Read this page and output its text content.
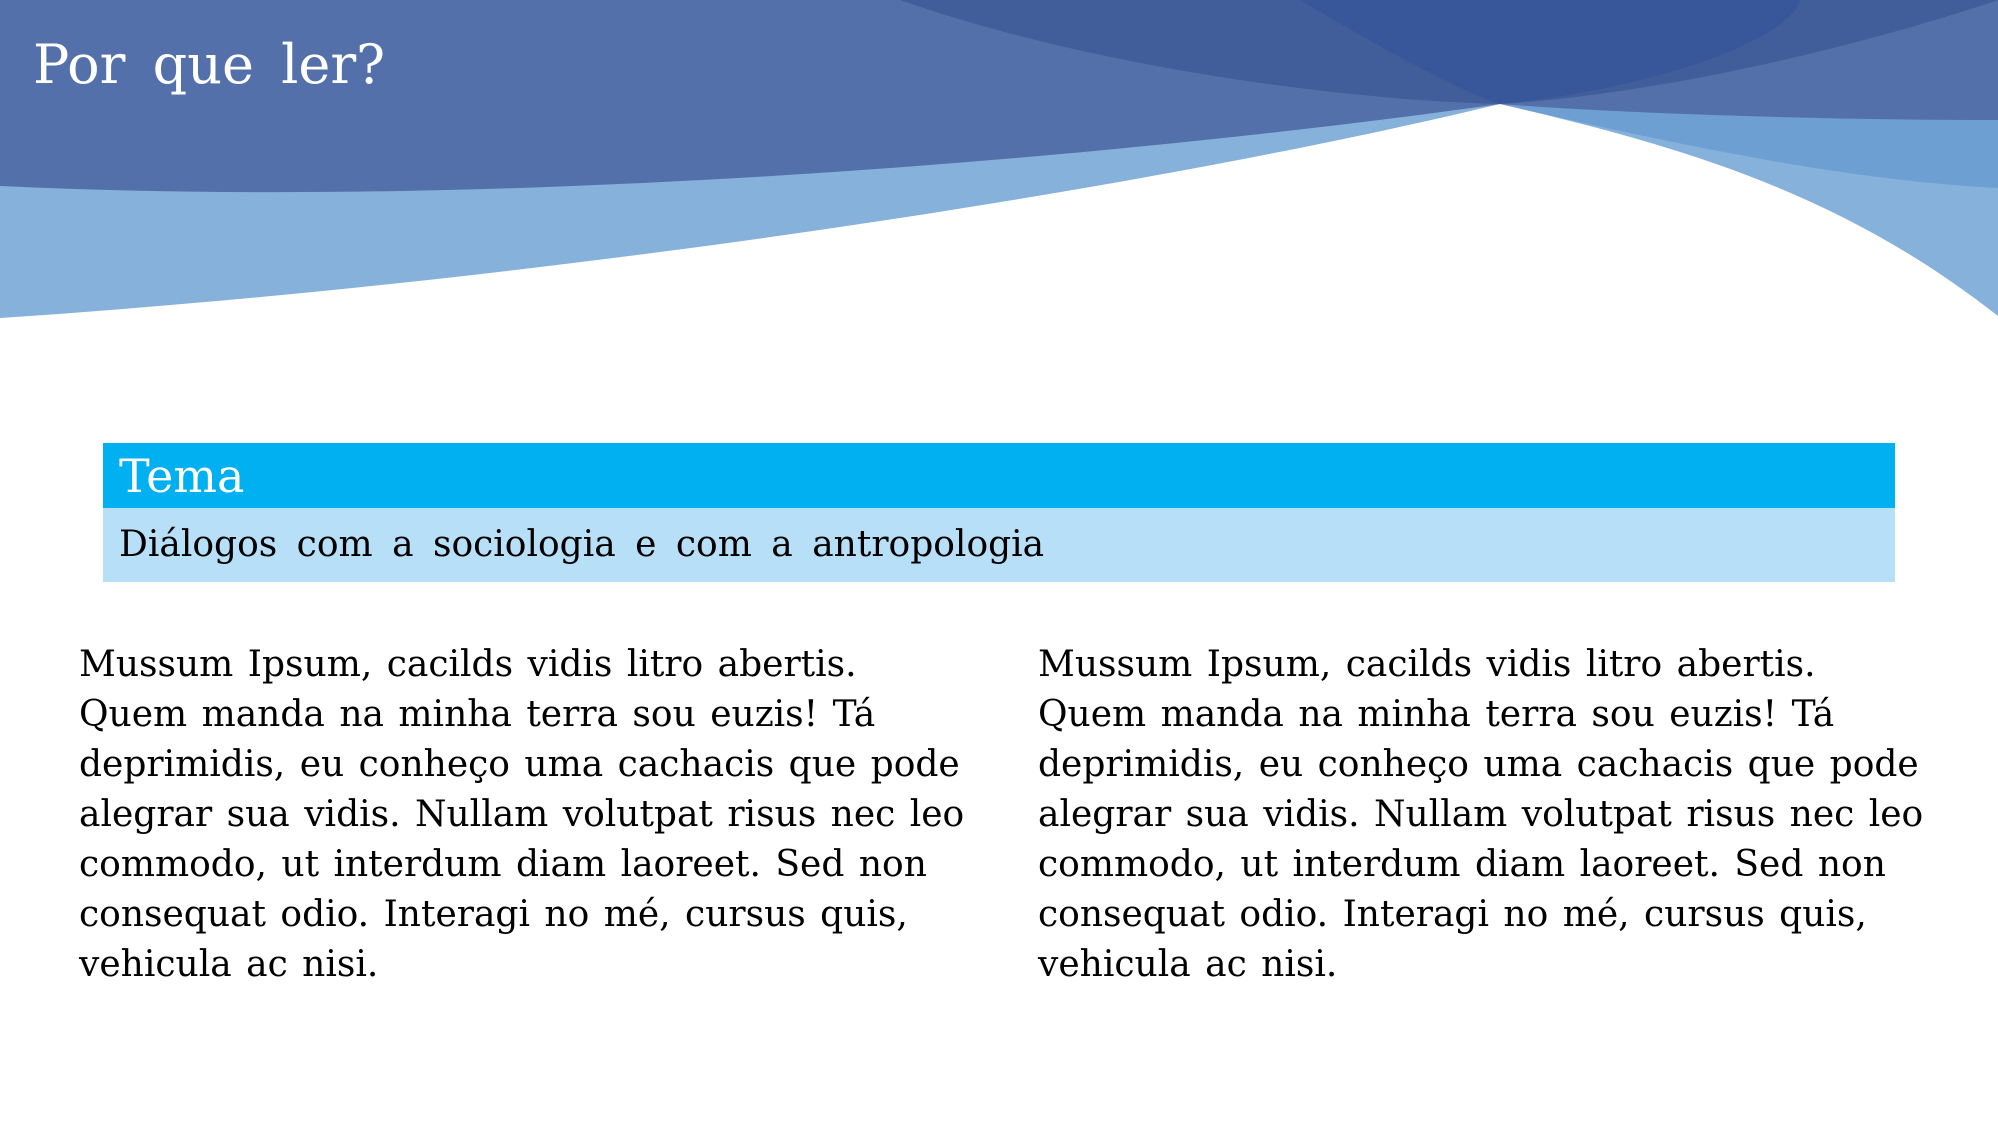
Por que ler?
Tema
Diálogos com a sociologia e com a antropologia

Mussum Ipsum, cacilds vidis litro abertis. Quem manda na minha terra sou euzis! Tá deprimidis, eu conheço uma cachacis que pode alegrar sua vidis. Nullam volutpat risus nec leo commodo, ut interdum diam laoreet. Sed non consequat odio. Interagi no mé, cursus quis, vehicula ac nisi.

Mussum Ipsum, cacilds vidis litro abertis. Quem manda na minha terra sou euzis! Tá deprimidis, eu conheço uma cachacis que pode alegrar sua vidis. Nullam volutpat risus nec leo commodo, ut interdum diam laoreet. Sed non consequat odio. Interagi no mé, cursus quis, vehicula ac nisi.
